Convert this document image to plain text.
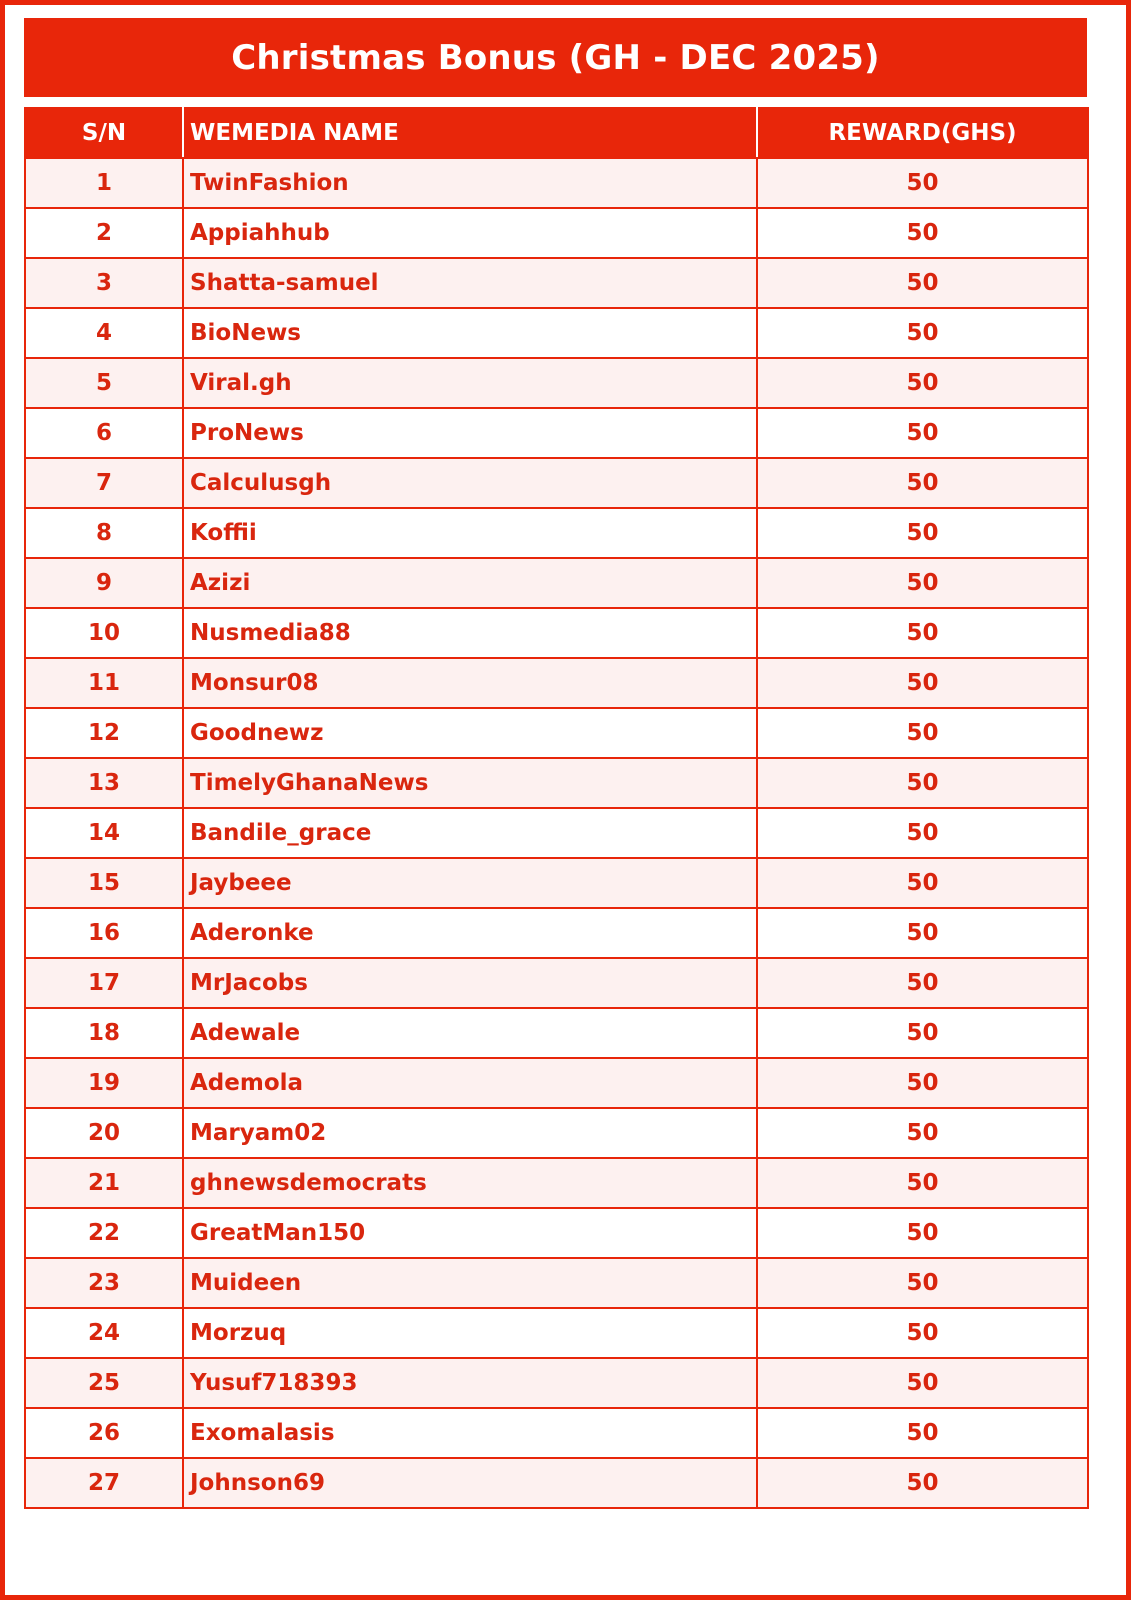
Christmas Bonus (GH - DEC 2025)
S/N	WEMEDIA NAME	REWARD(GHS)
1	TwinFashion	50
2	Appiahhub	50
3	Shatta-samuel	50
4	BioNews	50
5	Viral.gh	50
6	ProNews	50
7	Calculusgh	50
8	Koffii	50
9	Azizi	50
10	Nusmedia88	50
11	Monsur08	50
12	Goodnewz	50
13	TimelyGhanaNews	50
14	Bandile_grace	50
15	Jaybeee	50
16	Aderonke	50
17	MrJacobs	50
18	Adewale	50
19	Ademola	50
20	Maryam02	50
21	ghnewsdemocrats	50
22	GreatMan150	50
23	Muideen	50
24	Morzuq	50
25	Yusuf718393	50
26	Exomalasis	50
27	Johnson69	50
